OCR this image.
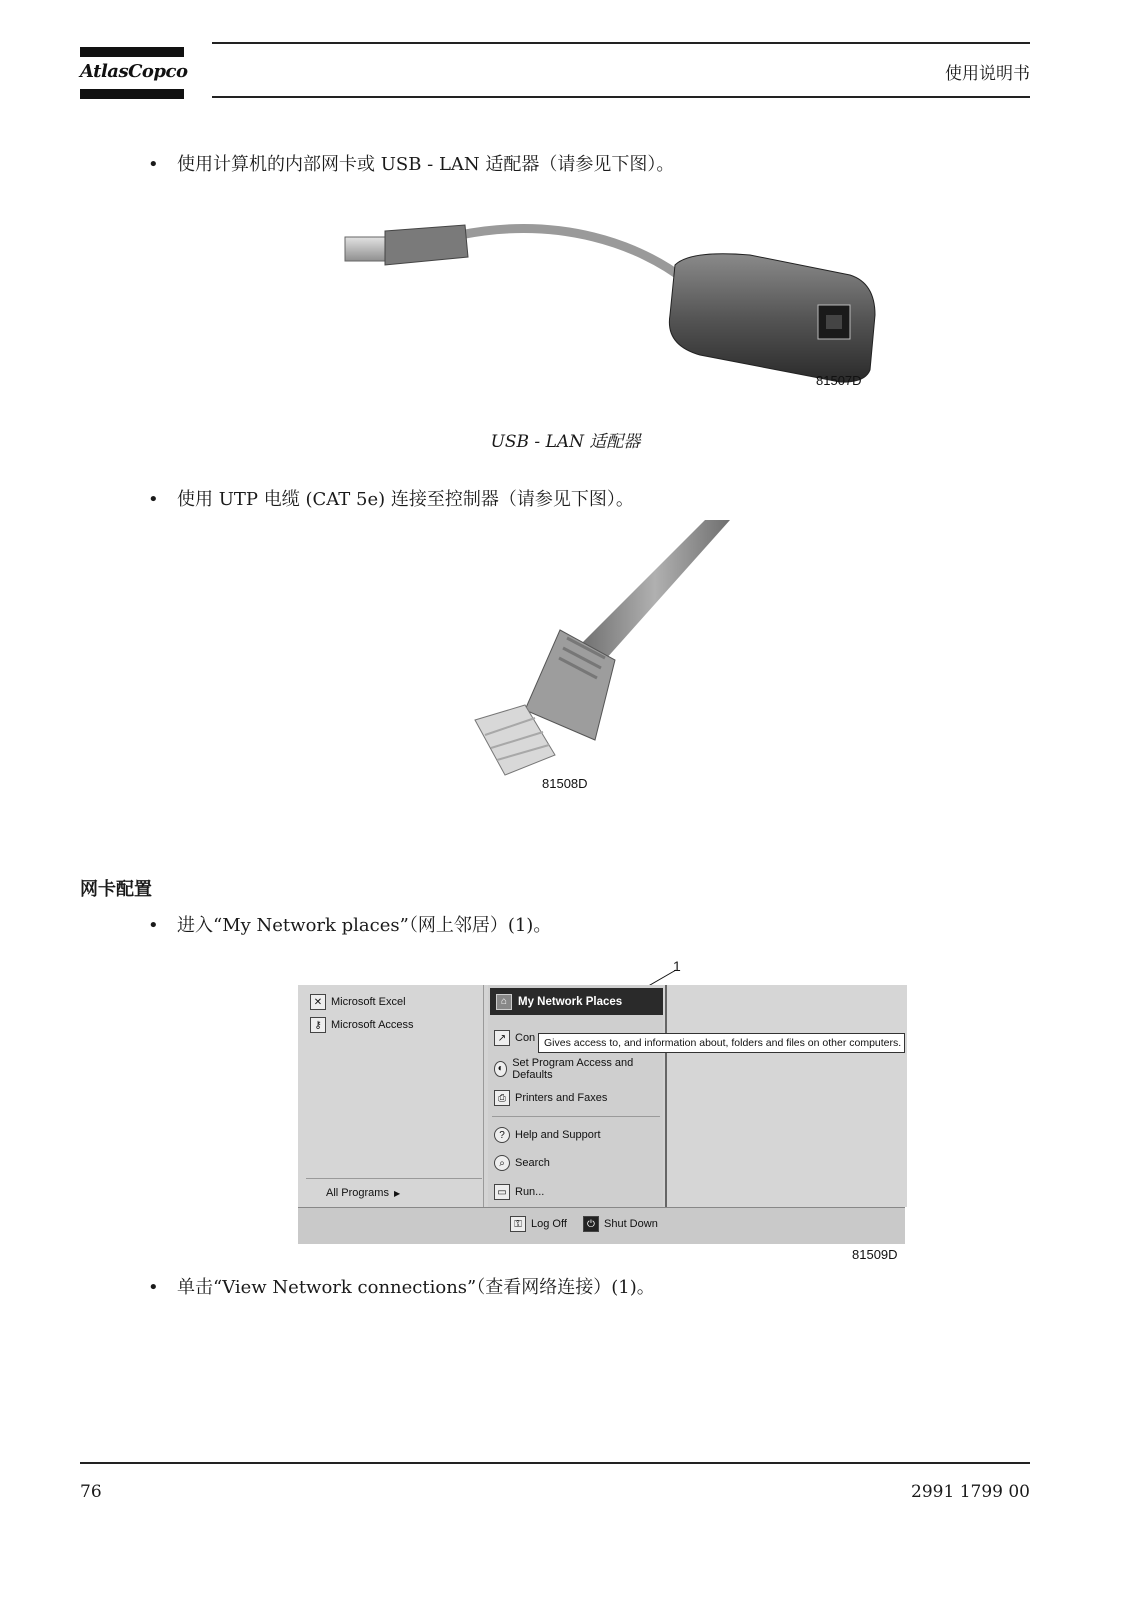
AtlasCopco	使用说明书
• 使用计算机的内部网卡或 USB - LAN 适配器（请参见下图）。
81507D
USB - LAN 适配器
• 使用 UTP 电缆 (CAT 5e) 连接至控制器（请参见下图）。
81508D
网卡配置
• 进入“My Network places”（网上邻居）(1)。
1
✕ Microsoft Excel
⚷ Microsoft Access
All Programs ▶
↗ Con
◐ Set Program Access and Defaults
⎙ Printers and Faxes
? Help and Support
⌕ Search
▭ Run...
⌂ My Network Places
Gives access to, and information about, folders and files on other computers.
⚿ Log Off	⏻ Shut Down
81509D
• 单击“View Network connections”（查看网络连接）(1)。
76	2991 1799 00
